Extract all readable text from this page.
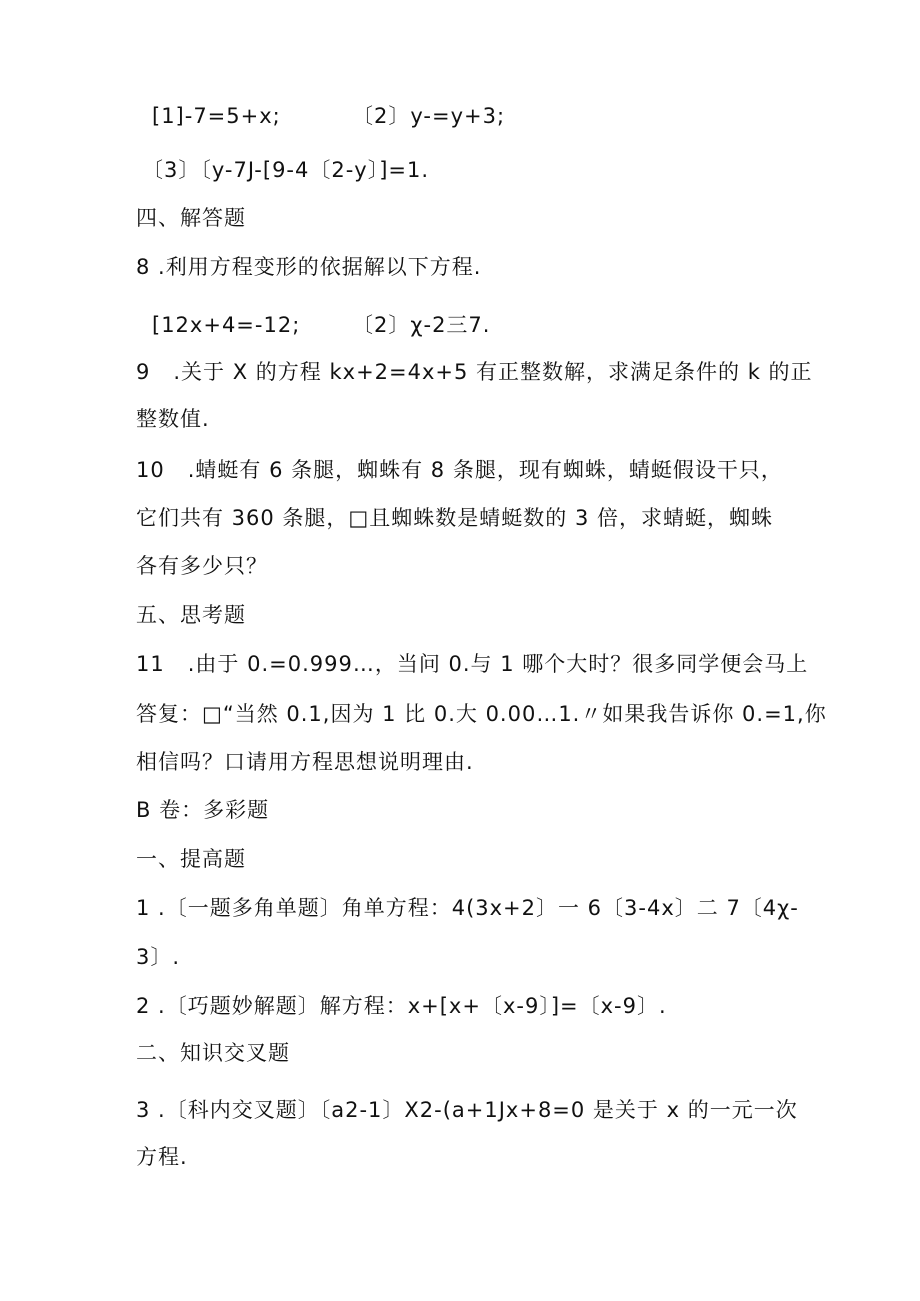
[1]-7=5+x;	〔2〕y-=y+3;
〔3〕〔y-7J-[9-4〔2-y〕]=1.
四、解答题
8 .利用方程变形的依据解以下方程.
[12x+4=-12; 〔2〕χ-2三7.
9   .关于 X 的方程 kx+2=4x+5 有正整数解，求满足条件的 k 的正
整数值.
10   .蜻蜓有 6 条腿，蜘蛛有 8 条腿，现有蜘蛛，蜻蜓假设干只，
它们共有 360 条腿，□且蜘蛛数是蜻蜓数的 3 倍，求蜻蜓，蜘蛛
各有多少只？
五、思考题
11   .由于 0.=0.999…，当问 0.与 1 哪个大时？很多同学便会马上
答复：□“当然 0.1,因为 1 比 0.大 0.00…1.〃如果我告诉你 0.=1,你
相信吗？口请用方程思想说明理由.
B 卷：多彩题
一、提高题
1 .〔一题多角单题〕角单方程：4(3x+2〕一 6〔3-4x〕二 7〔4χ-
3〕.
2 .〔巧题妙解题〕解方程：x+[x+〔x-9〕]=〔x-9〕.
二、知识交叉题
3 .〔科内交叉题〕〔a2-1〕X2-(a+1Jx+8=0 是关于 x 的一元一次
方程.
